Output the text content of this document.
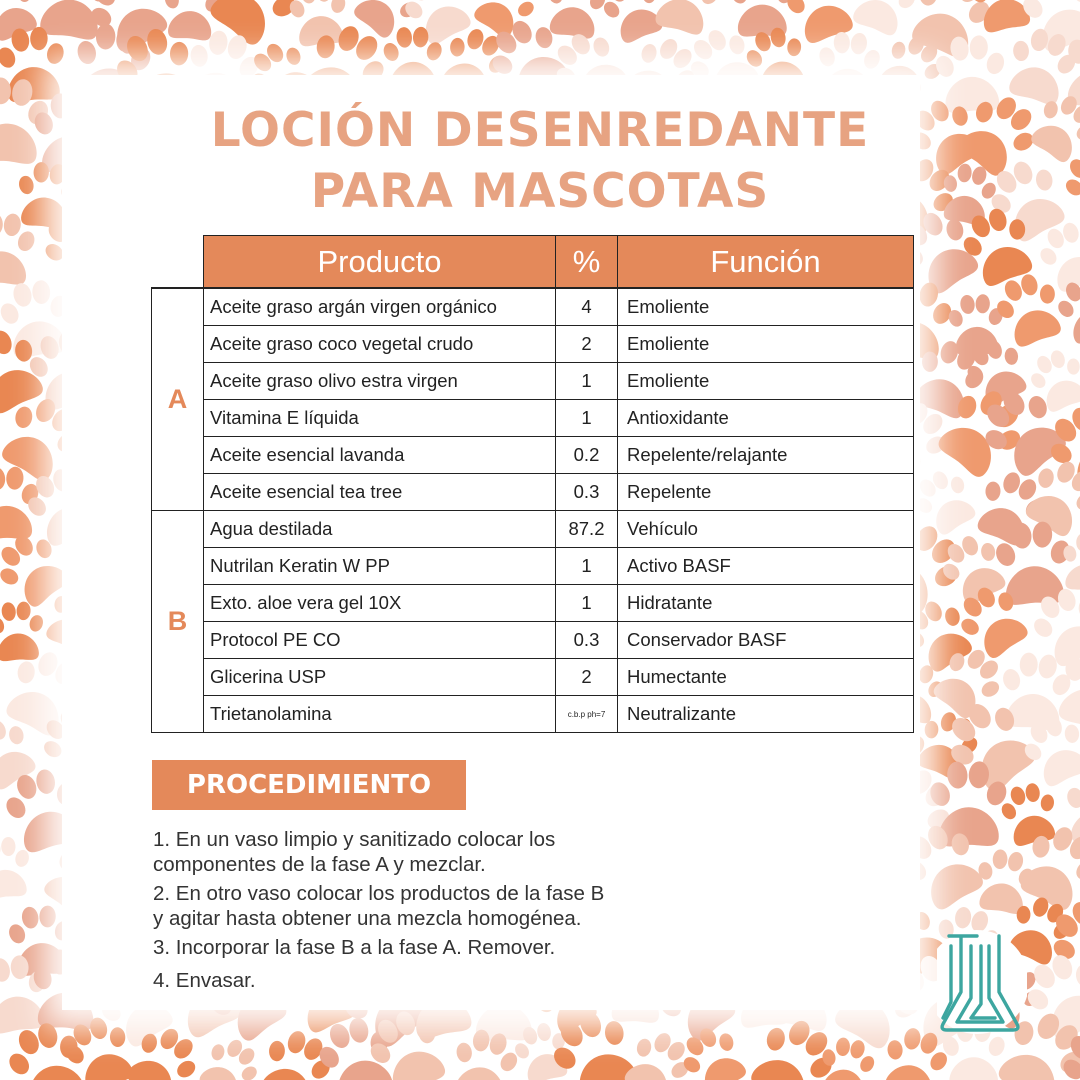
LOCIÓN DESENREDANTE
PARA MASCOTAS
	Producto	%	Función
A	Aceite graso argán virgen orgánico	4	Emoliente
	Aceite graso coco vegetal crudo	2	Emoliente
	Aceite graso olivo estra virgen	1	Emoliente
	Vitamina E líquida	1	Antioxidante
	Aceite esencial lavanda	0.2	Repelente/relajante
	Aceite esencial tea tree	0.3	Repelente
B	Agua destilada	87.2	Vehículo
	Nutrilan Keratin W PP	1	Activo BASF
	Exto. aloe vera gel 10X	1	Hidratante
	Protocol PE CO	0.3	Conservador BASF
	Glicerina USP	2	Humectante
	Trietanolamina	c.b.p ph=7	Neutralizante
PROCEDIMIENTO
1. En un vaso limpio y sanitizado colocar los
componentes de la fase A y mezclar.
2. En otro vaso colocar los productos de la fase B
y agitar hasta obtener una mezcla homogénea.
3. Incorporar la fase B a la fase A. Remover.
4. Envasar.
